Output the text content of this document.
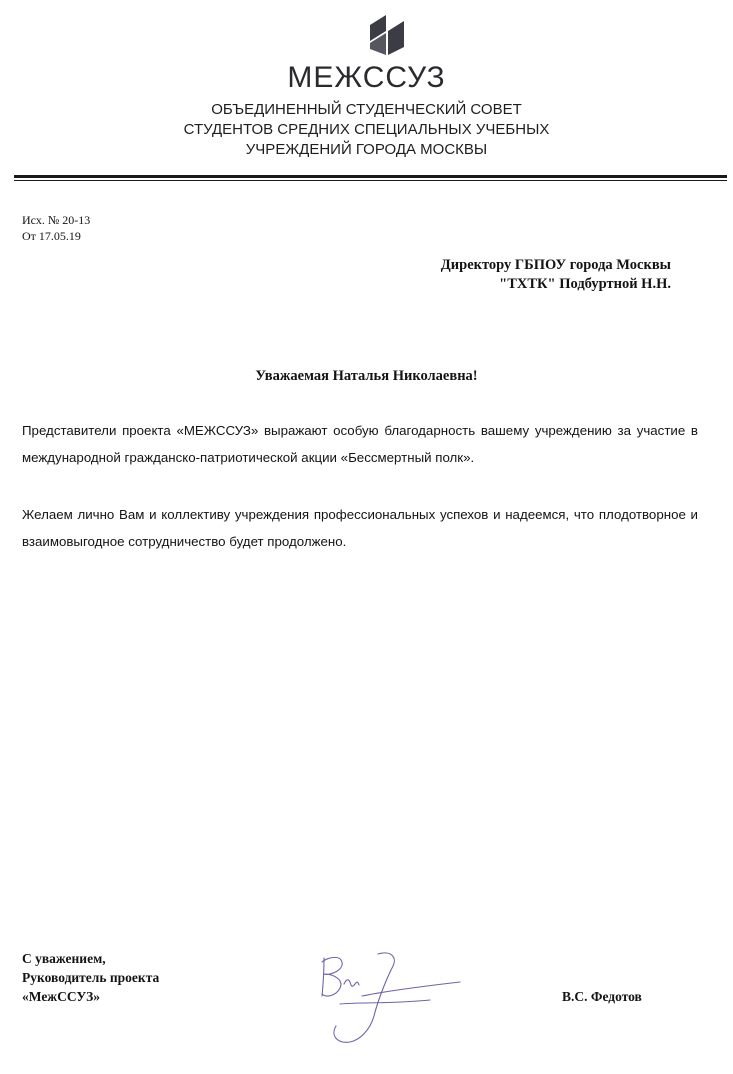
МЕЖССУЗ
ОБЪЕДИНЕННЫЙ СТУДЕНЧЕСКИЙ СОВЕТ
СТУДЕНТОВ СРЕДНИХ СПЕЦИАЛЬНЫХ УЧЕБНЫХ
УЧРЕЖДЕНИЙ ГОРОДА МОСКВЫ
Исх. № 20-13
От 17.05.19
Директору ГБПОУ города Москвы
"ТХТК" Подбуртной Н.Н.
Уважаемая Наталья Николаевна!
Представители проекта «МЕЖССУЗ» выражают особую благодарность вашему учреждению за участие в международной гражданско-патриотической акции «Бессмертный полк».
Желаем лично Вам и коллективу учреждения профессиональных успехов и надеемся, что плодотворное и взаимовыгодное сотрудничество будет продолжено.
С уважением,
Руководитель проекта
«МежССУЗ»	В.С. Федотов
